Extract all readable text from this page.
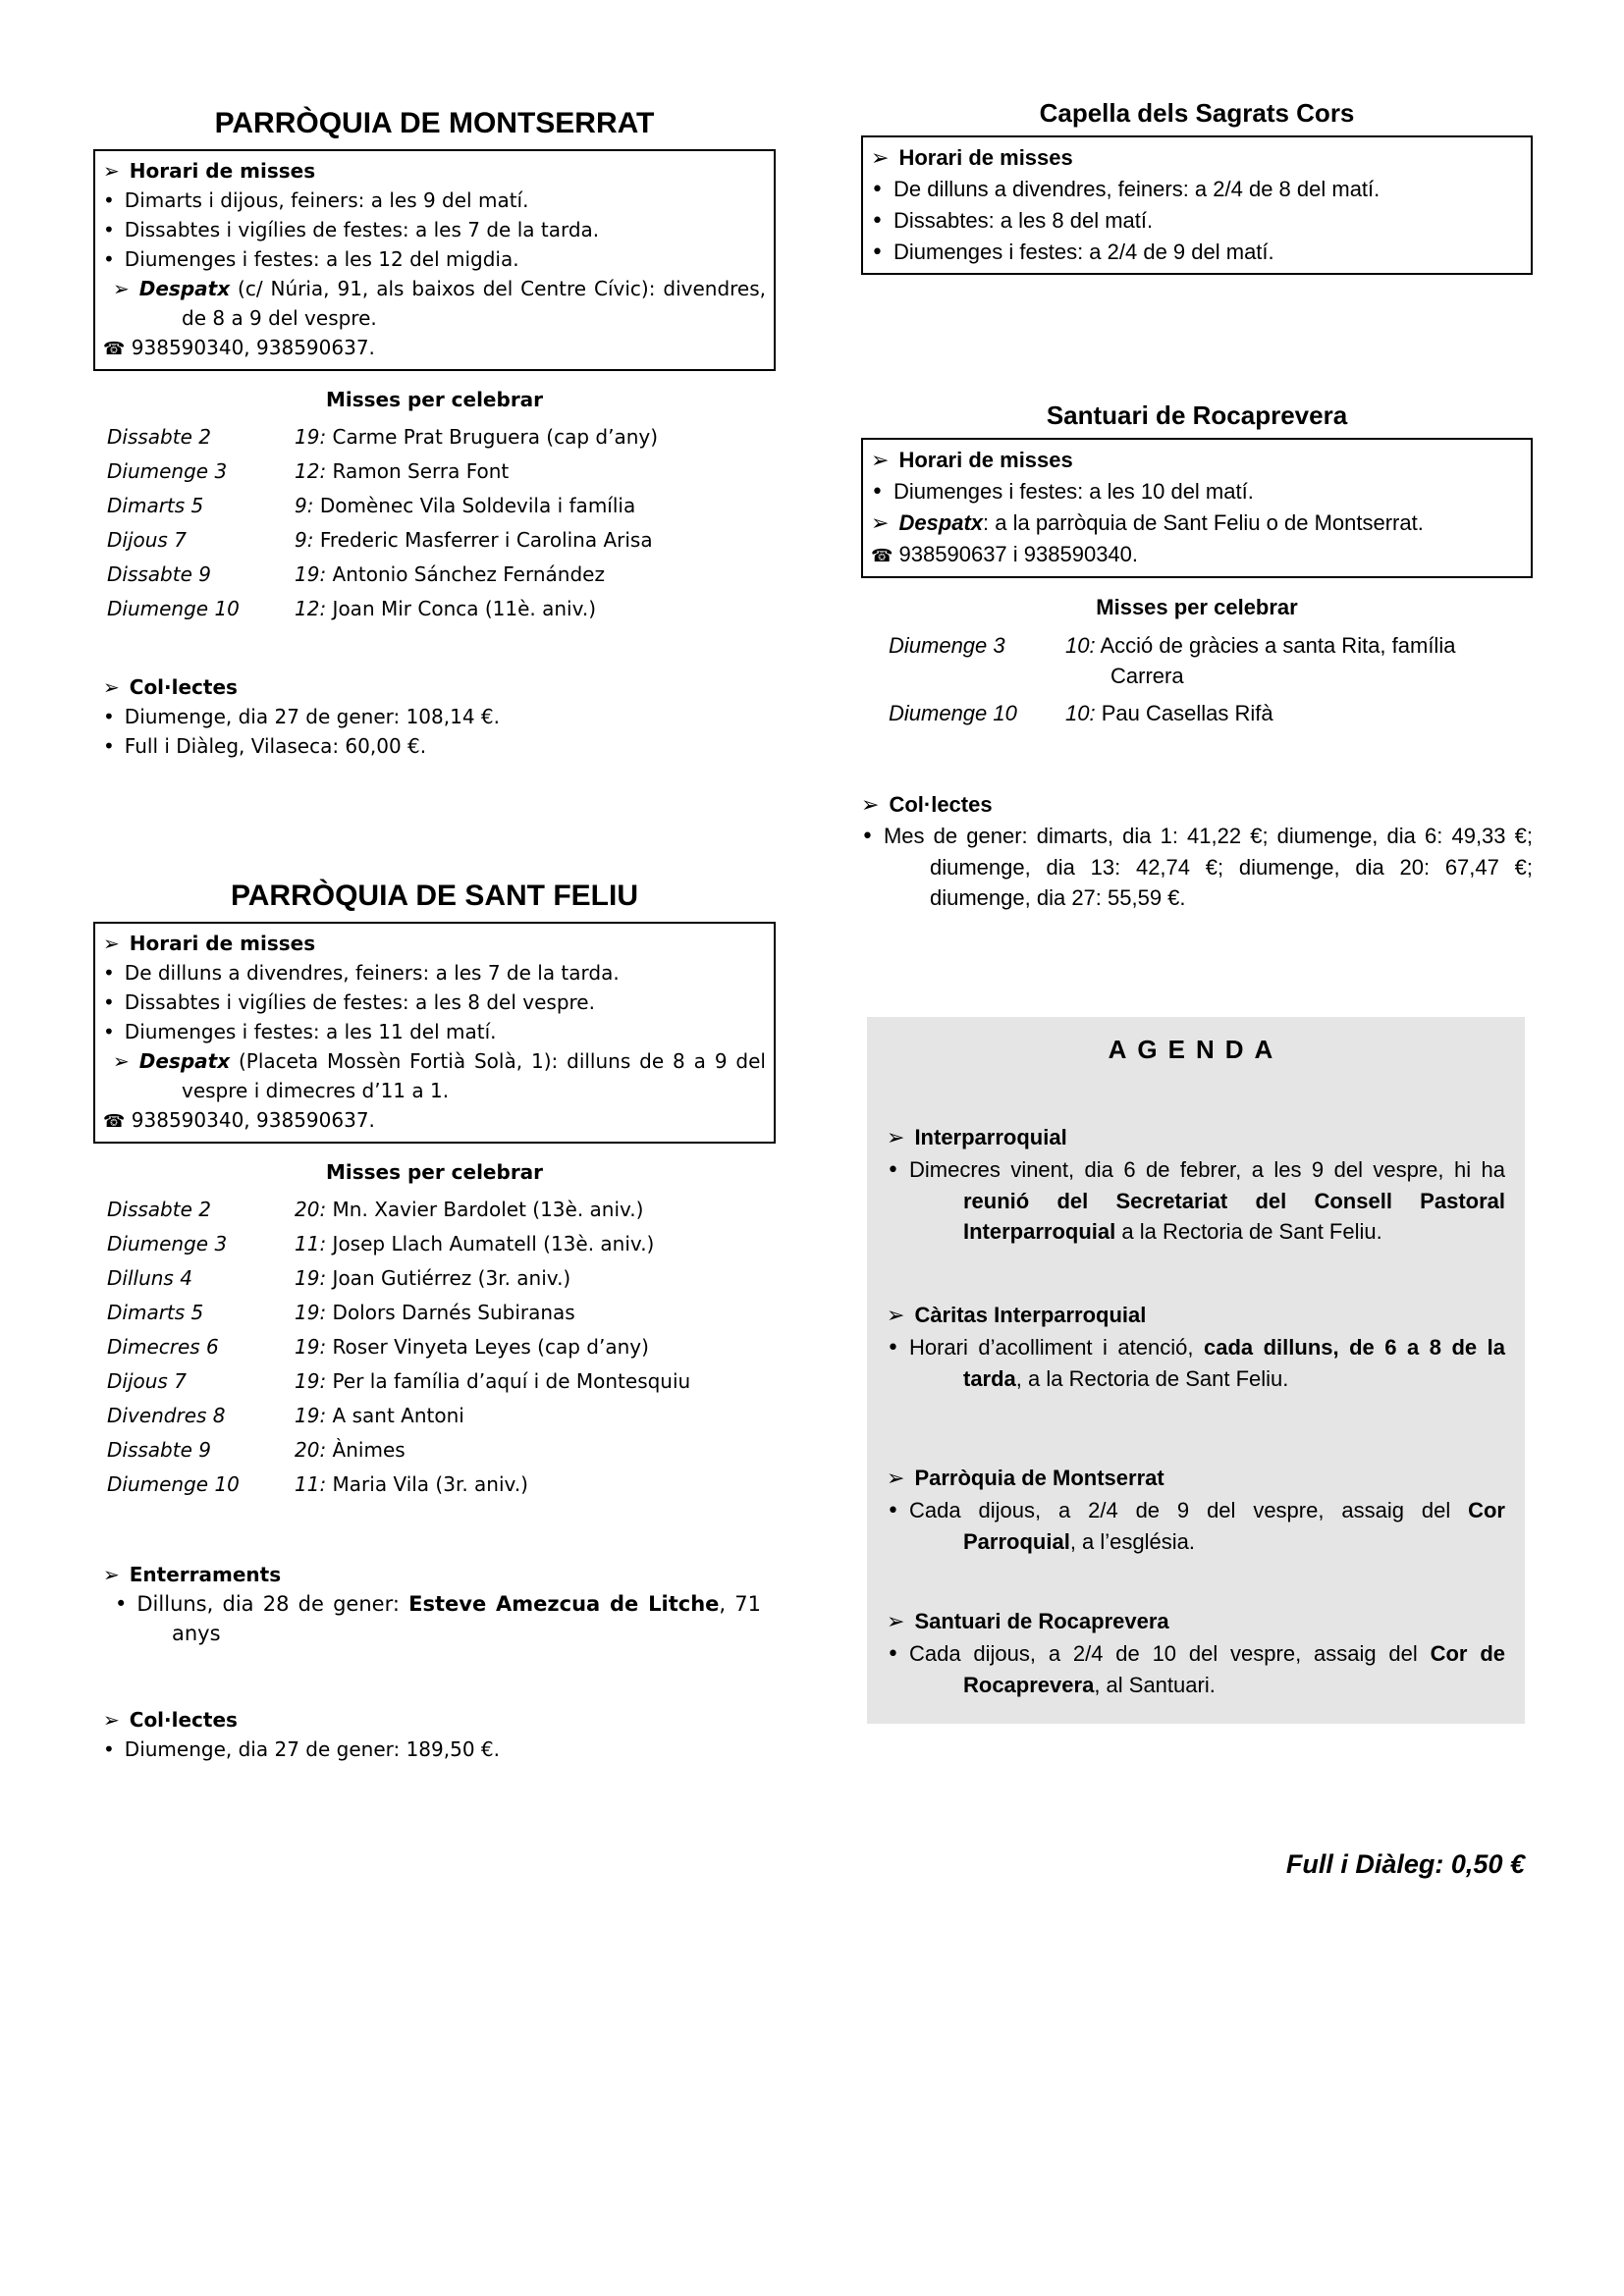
PARRÒQUIA DE MONTSERRAT
➢ Horari de misses
• Dimarts i dijous, feiners: a les 9 del matí.
• Dissabtes i vigílies de festes: a les 7 de la tarda.
• Diumenges i festes: a les 12 del migdia.
➢ Despatx (c/ Núria, 91, als baixos del Centre Cívic): divendres, de 8 a 9 del vespre.
☎ 938590340, 938590637.
Misses per celebrar
Dissabte 2	19: Carme Prat Bruguera (cap d’any)
Diumenge 3	12: Ramon Serra Font
Dimarts 5	9: Domènec Vila Soldevila i família
Dijous 7	9: Frederic Masferrer i Carolina Arisa
Dissabte 9	19: Antonio Sánchez Fernández
Diumenge 10	12: Joan Mir Conca (11è. aniv.)
➢ Col·lectes
• Diumenge, dia 27 de gener: 108,14 €.
• Full i Diàleg, Vilaseca: 60,00 €.
PARRÒQUIA DE SANT FELIU
➢ Horari de misses
• De dilluns a divendres, feiners: a les 7 de la tarda.
• Dissabtes i vigílies de festes: a les 8 del vespre.
• Diumenges i festes: a les 11 del matí.
➢ Despatx (Placeta Mossèn Fortià Solà, 1): dilluns de 8 a 9 del vespre i dimecres d’11 a 1.
☎ 938590340, 938590637.
Misses per celebrar
Dissabte 2	20: Mn. Xavier Bardolet (13è. aniv.)
Diumenge 3	11: Josep Llach Aumatell (13è. aniv.)
Dilluns 4	19: Joan Gutiérrez (3r. aniv.)
Dimarts 5	19: Dolors Darnés Subiranas
Dimecres 6	19: Roser Vinyeta Leyes (cap d’any)
Dijous 7	19: Per la família d’aquí i de Montesquiu
Divendres 8	19: A sant Antoni
Dissabte 9	20: Ànimes
Diumenge 10	11: Maria Vila (3r. aniv.)
➢ Enterraments
• Dilluns, dia 28 de gener: Esteve Amezcua de Litche, 71 anys
➢ Col·lectes
• Diumenge, dia 27 de gener: 189,50 €.
Capella dels Sagrats Cors
➢ Horari de misses
• De dilluns a divendres, feiners: a 2/4 de 8 del matí.
• Dissabtes: a les 8 del matí.
• Diumenges i festes: a 2/4 de 9 del matí.
Santuari de Rocaprevera
➢ Horari de misses
• Diumenges i festes: a les 10 del matí.
➢ Despatx: a la parròquia de Sant Feliu o de Montserrat.
☎ 938590637 i 938590340.
Misses per celebrar
Diumenge 3	10: Acció de gràcies a santa Rita, família Carrera
Diumenge 10	10: Pau Casellas Rifà
➢ Col·lectes
• Mes de gener: dimarts, dia 1: 41,22 €; diumenge, dia 6: 49,33 €; diumenge, dia 13: 42,74 €; diumenge, dia 20: 67,47 €; diumenge, dia 27: 55,59 €.
AGENDA
➢ Interparroquial
• Dimecres vinent, dia 6 de febrer, a les 9 del vespre, hi ha reunió del Secretariat del Consell Pastoral Interparroquial a la Rectoria de Sant Feliu.
➢ Càritas Interparroquial
• Horari d’acolliment i atenció, cada dilluns, de 6 a 8 de la tarda, a la Rectoria de Sant Feliu.
➢ Parròquia de Montserrat
• Cada dijous, a 2/4 de 9 del vespre, assaig del Cor Parroquial, a l’església.
➢ Santuari de Rocaprevera
• Cada dijous, a 2/4 de 10 del vespre, assaig del Cor de Rocaprevera, al Santuari.
Full i Diàleg: 0,50 €
